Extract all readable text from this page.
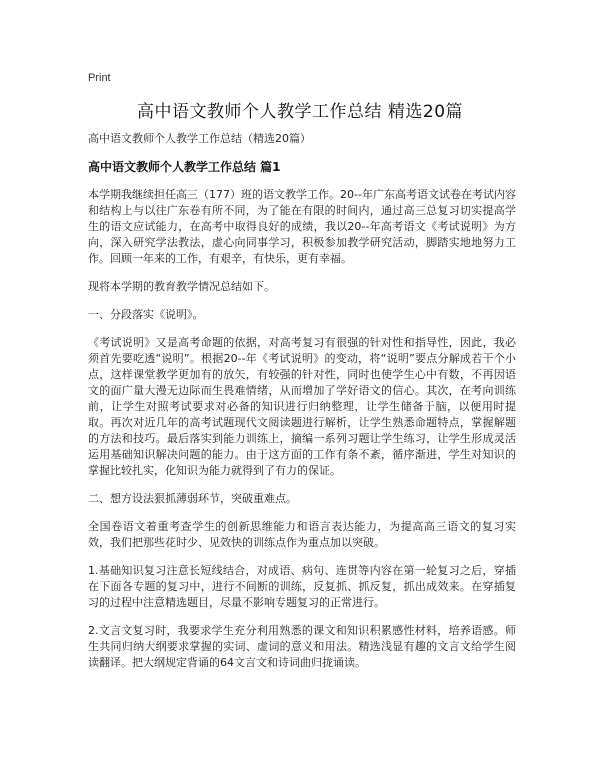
Print
高中语文教师个人教学工作总结 精选20篇
高中语文教师个人教学工作总结（精选20篇）
高中语文教师个人教学工作总结 篇1

本学期我继续担任高三（177）班的语文教学工作。20--年广东高考语文试卷在考试内容和结构上与以往广东卷有所不同，为了能在有限的时间内，通过高三总复习切实提高学生的语文应试能力，在高考中取得良好的成绩，我以20--年高考语文《考试说明》为方向，深入研究学法教法，虚心向同事学习，积极参加教学研究活动，脚踏实地地努力工作。回顾一年来的工作，有艰辛，有快乐，更有幸福。

现将本学期的教育教学情况总结如下。

一、分段落实《说明》。

《考试说明》又是高考命题的依据，对高考复习有很强的针对性和指导性，因此，我必须首先要吃透“说明”。根据20--年《考试说明》的变动，将“说明”要点分解成若干个小点，这样课堂教学更加有的放矢，有较强的针对性，同时也使学生心中有数，不再因语文的面广量大漫无边际而生畏难情绪，从而增加了学好语文的信心。其次，在考向训练前，让学生对照考试要求对必备的知识进行归纳整理，让学生储备于脑，以便用时提取。再次对近几年的高考试题现代文阅读题进行解析，让学生熟悉命题特点，掌握解题的方法和技巧。最后落实到能力训练上，摘编一系列习题让学生练习，让学生形成灵活运用基础知识解决问题的能力。由于这方面的工作有条不紊，循序渐进，学生对知识的掌握比较扎实，化知识为能力就得到了有力的保证。

二、想方设法狠抓薄弱环节，突破重难点。

全国卷语文着重考查学生的创新思维能力和语言表达能力，为提高高三语文的复习实效，我们把那些花时少、见效快的训练点作为重点加以突破。

1.基础知识复习注意长短线结合，对成语、病句、连贯等内容在第一轮复习之后，穿插在下面各专题的复习中，进行不间断的训练，反复抓、抓反复，抓出成效来。在穿插复习的过程中注意精选题目，尽量不影响专题复习的正常进行。

2.文言文复习时，我要求学生充分利用熟悉的课文和知识积累感性材料，培养语感。师生共同归纳大纲要求掌握的实词、虚词的意义和用法。精选浅显有趣的文言文给学生阅读翻译。把大纲规定背诵的64文言文和诗词曲归拢诵读。
